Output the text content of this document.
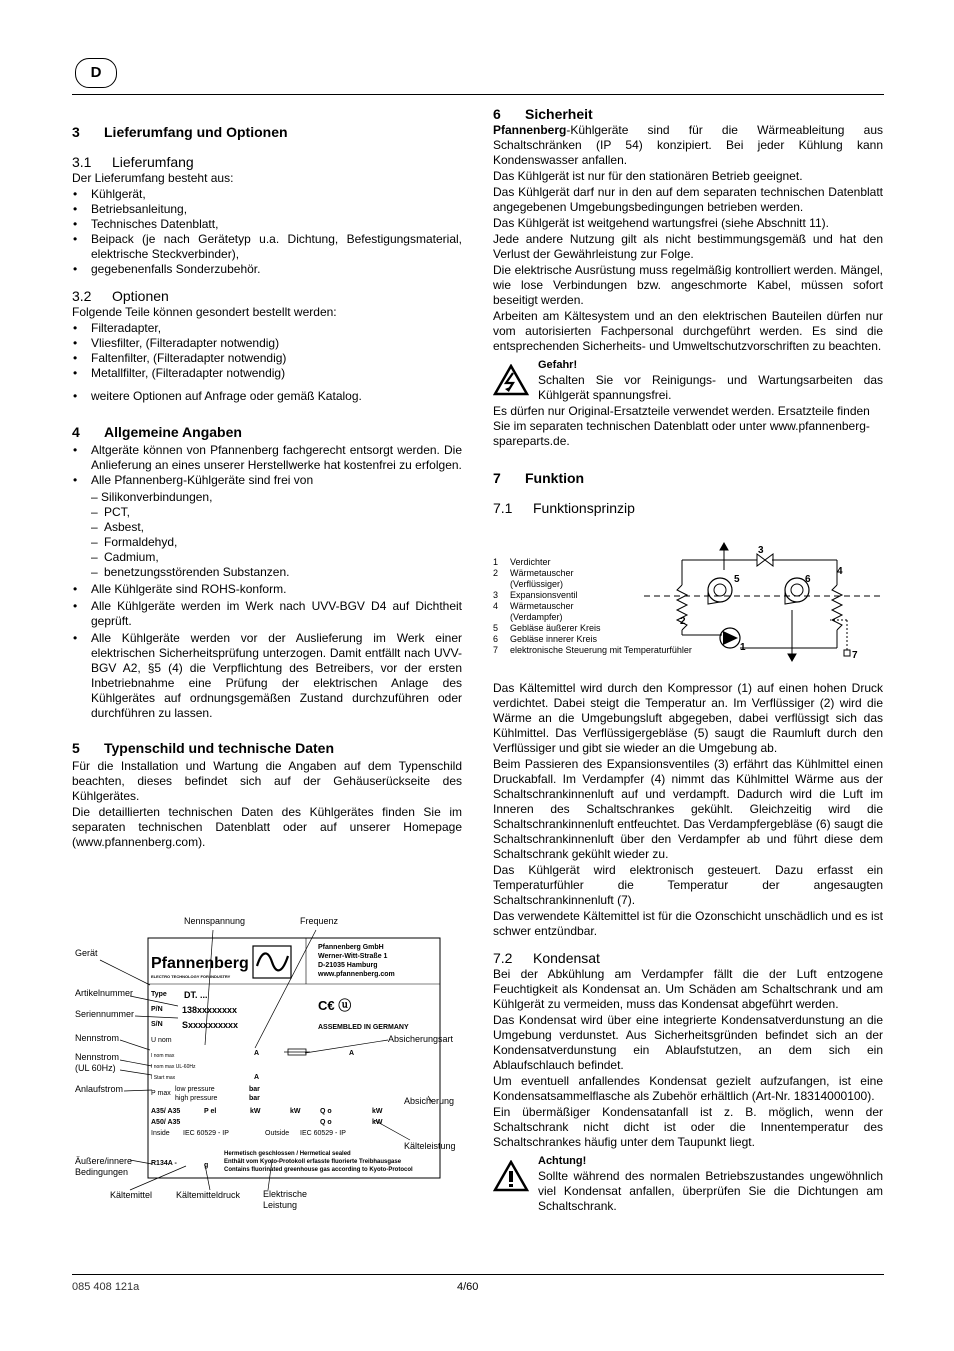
D
3 Lieferumfang und Optionen
3.1 Lieferumfang

Der Lieferumfang besteht aus:

• Kühlgerät,
• Betriebsanleitung,
• Technisches Datenblatt,
• Beipack (je nach Gerätetyp u.a. Dichtung, Befestigungsmaterial, elektrische Steckverbinder),
• gegebenenfalls Sonderzubehör.
3.2 Optionen

Folgende Teile können gesondert bestellt werden:

• Filteradapter,
• Vliesfilter, (Filteradapter notwendig)
• Faltenfilter, (Filteradapter notwendig)
• Metallfilter, (Filteradapter notwendig)
• weitere Optionen auf Anfrage oder gemäß Katalog.
4 Allgemeine Angaben
• Altgeräte können von Pfannenberg fachgerecht entsorgt werden. Die Anlieferung an eines unserer Herstellwerke hat kostenfrei zu erfolgen.
• Alle Pfannenberg-Kühlgeräte sind frei von
– Silikonverbindungen,
– PCT,
– Asbest,
– Formaldehyd,
– Cadmium,
– benetzungsstörenden Substanzen.
• Alle Kühlgeräte sind ROHS-konform.
• Alle Kühlgeräte werden im Werk nach UVV-BGV D4 auf Dichtheit geprüft.
• Alle Kühlgeräte werden vor der Auslieferung im Werk einer elektrischen Sicherheitsprüfung unterzogen. Damit entfällt nach UVV-BGV A2, §5 (4) die Verpflichtung des Betreibers, vor der ersten Inbetriebnahme eine Prüfung der elektrischen Anlage des Kühlgerätes auf ordnungsgemäßen Zustand durchzuführen oder durchführen zu lassen.
5 Typenschild und technische Daten

Für die Installation und Wartung die Angaben auf dem Typenschild beachten, dieses befindet sich auf der Gehäuserückseite des Kühlgerätes.

Die detaillierten technischen Daten des Kühlgerätes finden Sie im separaten technischen Datenblatt oder auf unserer Homepage (www.pfannenberg.com).

Nennspannung	Frequenz
Gerät
Artikelnummer
Seriennummer
Nennstrom
Nennstrom (UL 60Hz)
Anlaufstrom
Absicherungsart
Absicherung
Kälteleistung
Äußere/innere Bedingungen
Kältemittel	Kältemitteldruck	Elektrische Leistung
Pfannenberg
ELECTRO TECHNOLOGY FOR INDUSTRY
Pfannenberg GmbH
Werner-Witt-Straße 1
D-21035 Hamburg
www.pfannenberg.com
Type DT. ...
P/N 138xxxxxxxx
S/N Sxxxxxxxxxx
C€ ⓤ
ASSEMBLED IN GERMANY
U nom
I nom max
I nom max UL-60Hz
I Start max
A	A
A
P max
low pressure
high pressure
bar
bar
A35/ A35
A50/ A35
P el	kW	kW	Q o
Q o
kW
kW
Inside IEC 60529 - IP	Outside IEC 60529 - IP
R134A -	g
Hermetisch geschlossen / Hermetical sealed
Enthält vom Kyoto-Protokoll erfasste fluorierte Treibhausgase
Contains fluorinated greenhouse gas according to Kyoto-Protocol
6 Sicherheit

Pfannenberg-Kühlgeräte sind für die Wärmeableitung aus Schaltschränken (IP 54) konzipiert. Bei jeder Kühlung kann Kondenswasser anfallen.

Das Kühlgerät ist nur für den stationären Betrieb geeignet.

Das Kühlgerät darf nur in den auf dem separaten technischen Datenblatt angegebenen Umgebungsbedingungen betrieben werden.

Das Kühlgerät ist weitgehend wartungsfrei (siehe Abschnitt 11).

Jede andere Nutzung gilt als nicht bestimmungsgemäß und hat den Verlust der Gewährleistung zur Folge.

Die elektrische Ausrüstung muss regelmäßig kontrolliert werden. Mängel, wie lose Verbindungen bzw. angeschmorte Kabel, müssen sofort beseitigt werden.

Arbeiten am Kältesystem und an den elektrischen Bauteilen dürfen nur vom autorisierten Fachpersonal durchgeführt werden. Es sind die entsprechenden Sicherheits- und Umweltschutzvorschriften zu beachten.

Gefahr!

Schalten Sie vor Reinigungs- und Wartungsarbeiten das Kühlgerät spannungsfrei.

Es dürfen nur Original-Ersatzteile verwendet werden. Ersatzteile finden Sie im separaten technischen Datenblatt oder unter www.pfannenberg-spareparts.de.

7 Funktion
7.1 Funktionsprinzip
1	Verdichter
2	Wärmetauscher (Verflüssiger)
3	Expansionsventil
4	Wärmetauscher (Verdampfer)
5	Gebläse äußerer Kreis
6	Gebläse innerer Kreis
7	elektronische Steuerung mit Temperaturfühler	1
2
3
4
5	6
7

Das Kältemittel wird durch den Kompressor (1) auf einen hohen Druck verdichtet. Dabei steigt die Temperatur an. Im Verflüssiger (2) wird die Wärme an die Umgebungsluft abgegeben, dabei verflüssigt sich das Kühlmittel. Das Verflüssigergebläse (5) saugt die Raumluft durch den Verflüssiger und gibt sie wieder an die Umgebung ab.

Beim Passieren des Expansionsventiles (3) erfährt das Kühlmittel einen Druckabfall. Im Verdampfer (4) nimmt das Kühlmittel Wärme aus der Schaltschrankinnenluft auf und verdampft. Dadurch wird die Luft im Inneren des Schaltschrankes gekühlt. Gleichzeitig wird die Schaltschrankinnenluft entfeuchtet. Das Verdampfergebläse (6) saugt die Schaltschrankinnenluft über den Verdampfer ab und führt diese dem Schaltschrank gekühlt wieder zu.

Das Kühlgerät wird elektronisch gesteuert. Dazu erfasst ein Temperaturfühler die Temperatur der angesaugten Schaltschrankinnenluft (7).

Das verwendete Kältemittel ist für die Ozonschicht unschädlich und es ist schwer entzündbar.

7.2 Kondensat

Bei der Abkühlung am Verdampfer fällt die der Luft entzogene Feuchtigkeit als Kondensat an. Um Schäden am Schaltschrank und am Kühlgerät zu vermeiden, muss das Kondensat abgeführt werden.

Das Kondensat wird über eine integrierte Kondensatverdunstung an die Umgebung verdunstet. Aus Sicherheitsgründen befindet sich an der Kondensatverdunstung ein Ablaufstutzen, an dem sich ein Ablaufschlauch befindet.

Um eventuell anfallendes Kondensat gezielt aufzufangen, ist eine Kondensatsammelflasche als Zubehör erhältlich (Art-Nr. 18314000100).

Ein übermäßiger Kondensatanfall ist z. B. möglich, wenn der Schaltschrank nicht dicht ist oder die Innentemperatur des Schaltschrankes häufig unter dem Taupunkt liegt.

Achtung!

Sollte während des normalen Betriebszustandes ungewöhnlich viel Kondensat anfallen, überprüfen Sie die Dichtungen am Schaltschrank.

085 408 121a	4/60
